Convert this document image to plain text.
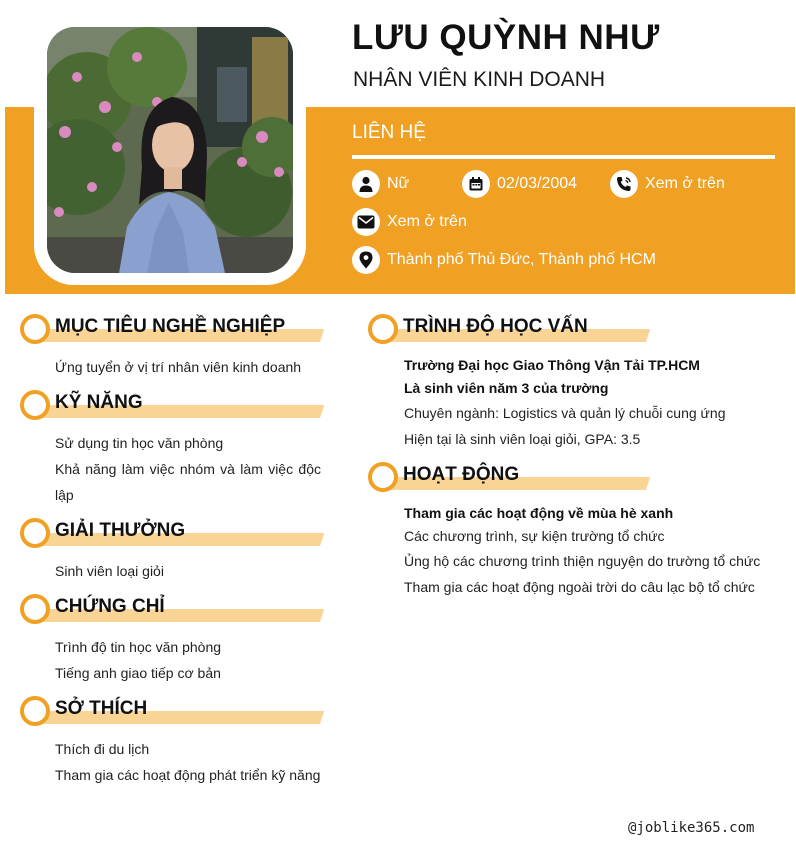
LƯU QUỲNH NHƯ
NHÂN VIÊN KINH DOANH
LIÊN HỆ
Nữ	02/03/2004	Xem ở trên
Xem ở trên
Thành phố Thủ Đức, Thành phố HCM
MỤC TIÊU NGHỀ NGHIỆP
Ứng tuyển ở vị trí nhân viên kinh doanh
KỸ NĂNG
Sử dụng tin học văn phòng
Khả năng làm việc nhóm và làm việc độc lập
GIẢI THƯỞNG
Sinh viên loại giỏi
CHỨNG CHỈ
Trình độ tin học văn phòng
Tiếng anh giao tiếp cơ bản
SỞ THÍCH
Thích đi du lịch
Tham gia các hoạt động phát triển kỹ năng
TRÌNH ĐỘ HỌC VẤN
Trường Đại học Giao Thông Vận Tải TP.HCM
Là sinh viên năm 3 của trường
Chuyên ngành: Logistics và quản lý chuỗi cung ứng
Hiện tại là sinh viên loại giỏi, GPA: 3.5
HOẠT ĐỘNG
Tham gia các hoạt động về mùa hè xanh
Các chương trình, sự kiện trường tổ chức
Ủng hộ các chương trình thiện nguyện do trường tổ chức
Tham gia các hoạt động ngoài trời do câu lạc bộ tổ chức
@joblike365.com
